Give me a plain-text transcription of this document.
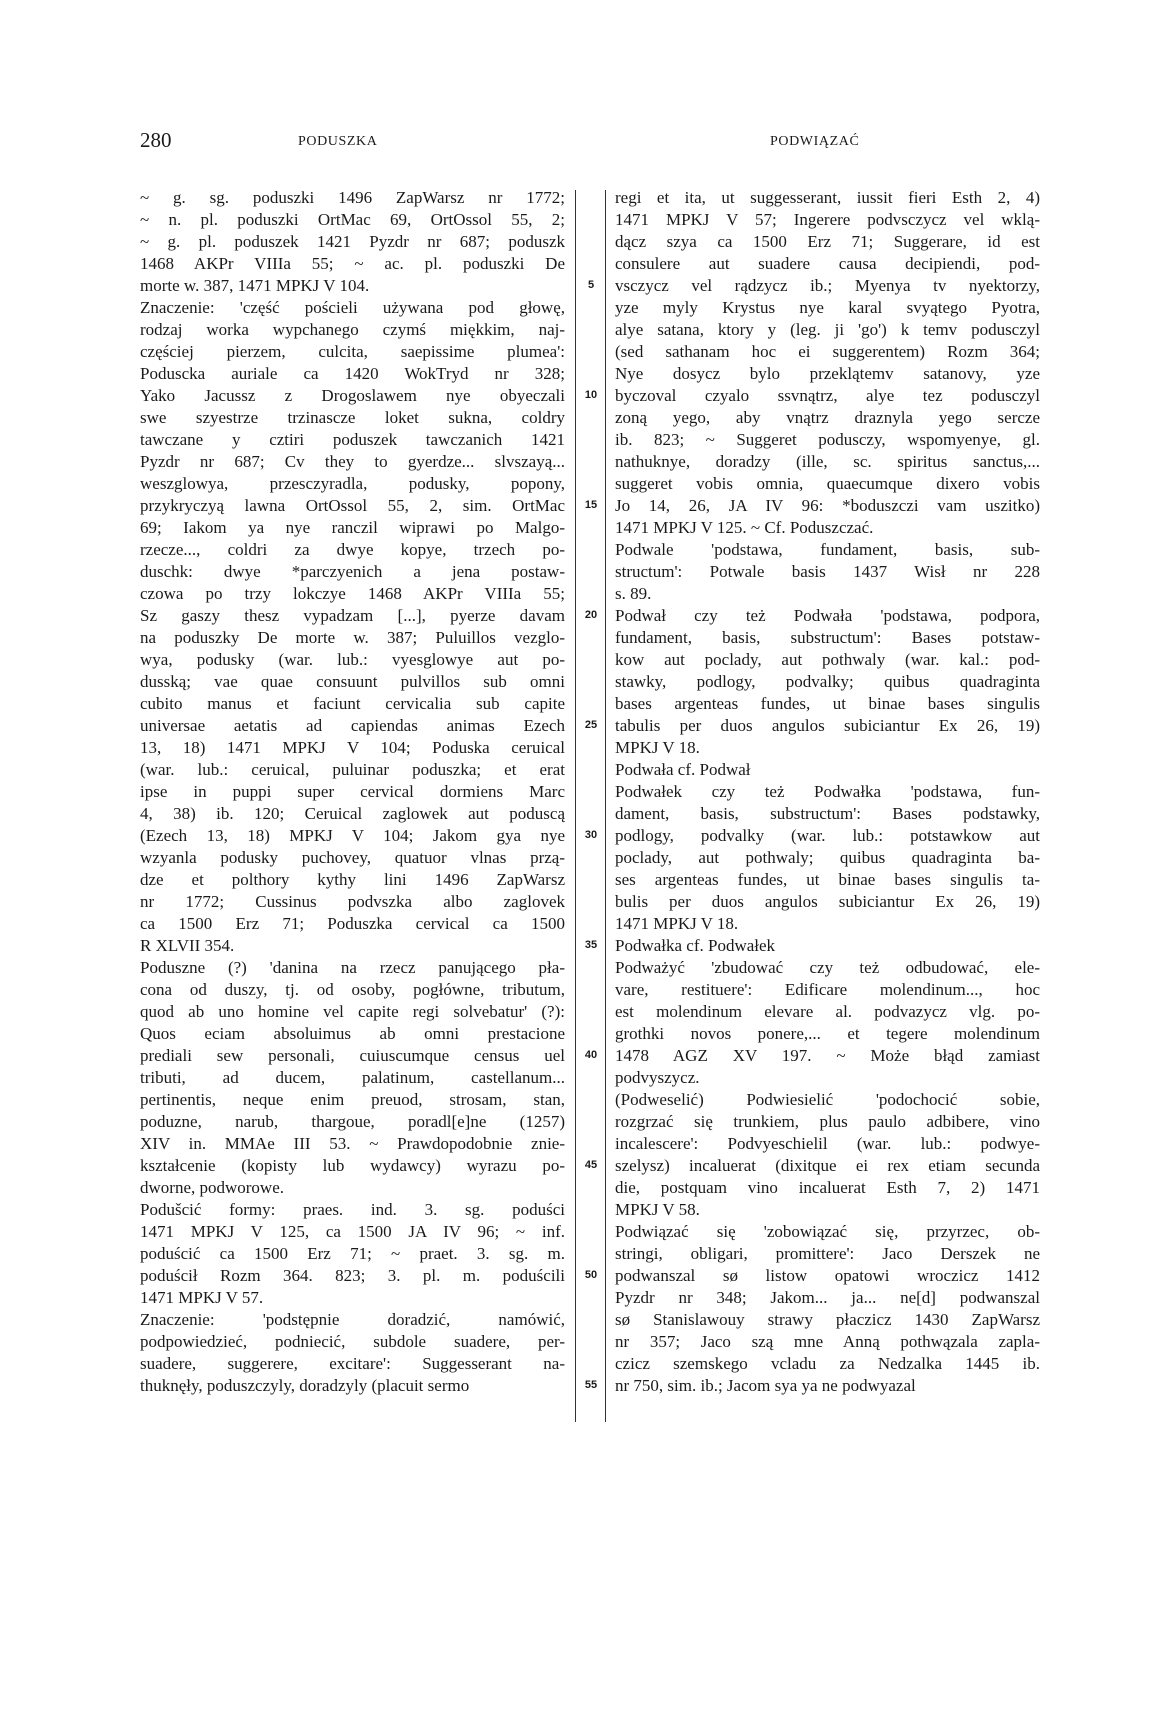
280	PODUSZKA	PODWIĄZAĆ
~ g. sg. poduszki 1496 ZapWarsz nr 1772;
~ n. pl. poduszki OrtMac 69, OrtOssol 55, 2;
~ g. pl. poduszek 1421 Pyzdr nr 687; poduszk
1468 AKPr VIIIa 55; ~ ac. pl. poduszki De
morte w. 387, 1471 MPKJ V 104.
Znaczenie: 'część pościeli używana pod głowę,
rodzaj worka wypchanego czymś miękkim, naj-
częściej pierzem, culcita, saepissime plumea':
Poduscka auriale ca 1420 WokTryd nr 328;
Yako Jacussz z Drogoslawem nye obyeczali
swe szyestrze trzinascze loket sukna, coldry
tawczane y cztiri poduszek tawczanich 1421
Pyzdr nr 687; Cv they to gyerdze... slvszayą...
weszglowya, przesczyradla, podusky, popony,
przykryczyą lawna OrtOssol 55, 2, sim. OrtMac
69; Iakom ya nye ranczil wiprawi po Malgo-
rzecze..., coldri za dwye kopye, trzech po-
duschk: dwye *parczyenich a jena postaw-
czowa po trzy lokczye 1468 AKPr VIIIa 55;
Sz gaszy thesz vypadzam [...], pyerze davam
na poduszky De morte w. 387; Puluillos vezglo-
wya, podusky (war. lub.: vyesglowye aut po-
dusską; vae quae consuunt pulvillos sub omni
cubito manus et faciunt cervicalia sub capite
universae aetatis ad capiendas animas Ezech
13, 18) 1471 MPKJ V 104; Poduska ceruical
(war. lub.: ceruical, puluinar poduszka; et erat
ipse in puppi super cervical dormiens Marc
4, 38) ib. 120; Ceruical zaglowek aut poduscą
(Ezech 13, 18) MPKJ V 104; Jakom gya nye
wzyanla podusky puchovey, quatuor vlnas przą-
dze et polthory kythy lini 1496 ZapWarsz
nr 1772; Cussinus podvszka albo zaglovek
ca 1500 Erz 71; Poduszka cervical ca 1500
R XLVII 354.
Poduszne (?) 'danina na rzecz panującego pła-
cona od duszy, tj. od osoby, pogłówne, tributum,
quod ab uno homine vel capite regi solvebatur' (?):
Quos eciam absoluimus ab omni prestacione
prediali sew personali, cuiuscumque census uel
tributi, ad ducem, palatinum, castellanum...
pertinentis, neque enim preuod, strosam, stan,
poduzne, narub, thargoue, poradl[e]ne (1257)
XIV in. MMAe III 53. ~ Prawdopodobnie znie-
kształcenie (kopisty lub wydawcy) wyrazu po-
dworne, podworowe.
Podušcić formy: praes. ind. 3. sg. poduści
1471 MPKJ V 125, ca 1500 JA IV 96; ~ inf.
poduścić ca 1500 Erz 71; ~ praet. 3. sg. m.
poduścił Rozm 364. 823; 3. pl. m. poduścili
1471 MPKJ V 57.
Znaczenie: 'podstępnie doradzić, namówić,
podpowiedzieć, podniecić, subdole suadere, per-
suadere, suggerere, excitare': Suggesserant na-
thuknęły, poduszczyly, doradzyly (placuit sermo
5
10
15
20
25
30
35
40
45
50
55
regi et ita, ut suggesserant, iussit fieri Esth 2, 4)
1471 MPKJ V 57; Ingerere podvsczycz vel wklą-
dącz szya ca 1500 Erz 71; Suggerare, id est
consulere aut suadere causa decipiendi, pod-
vsczycz vel rądzycz ib.; Myenya tv nyektorzy,
yze myly Krystus nye karal svyątego Pyotra,
alye satana, ktory y (leg. ji 'go') k temv podusczyl
(sed sathanam hoc ei suggerentem) Rozm 364;
Nye dosycz bylo przeklątemv satanovy, yze
byczoval czyalo ssvnątrz, alye tez podusczyl
zoną yego, aby vnątrz draznyla yego sercze
ib. 823; ~ Suggeret podusczy, wspomyenye, gl.
nathuknye, doradzy (ille, sc. spiritus sanctus,...
suggeret vobis omnia, quaecumque dixero vobis
Jo 14, 26, JA IV 96: *boduszczi vam uszitko)
1471 MPKJ V 125. ~ Cf. Poduszczać.
Podwale 'podstawa, fundament, basis, sub-
structum': Potwale basis 1437 Wisł nr 228
s. 89.
Podwał czy też Podwała 'podstawa, podpora,
fundament, basis, substructum': Bases potstaw-
kow aut poclady, aut pothwaly (war. kal.: pod-
stawky, podlogy, podvalky; quibus quadraginta
bases argenteas fundes, ut binae bases singulis
tabulis per duos angulos subiciantur Ex 26, 19)
MPKJ V 18.
Podwała cf. Podwał
Podwałek czy też Podwałka 'podstawa, fun-
dament, basis, substructum': Bases podstawky,
podlogy, podvalky (war. lub.: potstawkow aut
poclady, aut pothwaly; quibus quadraginta ba-
ses argenteas fundes, ut binae bases singulis ta-
bulis per duos angulos subiciantur Ex 26, 19)
1471 MPKJ V 18.
Podwałka cf. Podwałek
Podważyć 'zbudować czy też odbudować, ele-
vare, restituere': Edificare molendinum..., hoc
est molendinum elevare al. podvazycz vlg. po-
grothki novos ponere,... et tegere molendinum
1478 AGZ XV 197. ~ Może błąd zamiast
podvyszycz.
(Podweselić) Podwiesielić 'podochocić sobie,
rozgrzać się trunkiem, plus paulo adbibere, vino
incalescere': Podvyeschielil (war. lub.: podwye-
szelysz) incaluerat (dixitque ei rex etiam secunda
die, postquam vino incaluerat Esth 7, 2) 1471
MPKJ V 58.
Podwiązać się 'zobowiązać się, przyrzec, ob-
stringi, obligari, promittere': Jaco Derszek ne
podwanszal sø listow opatowi wroczicz 1412
Pyzdr nr 348; Jakom... ja... ne[d] podwanszal
sø Stanislawouy strawy płaczicz 1430 ZapWarsz
nr 357; Jaco szą mne Anną pothwązala zapla-
czicz szemskego vcladu za Nedzalka 1445 ib.
nr 750, sim. ib.; Jacom sya ya ne podwyazal
